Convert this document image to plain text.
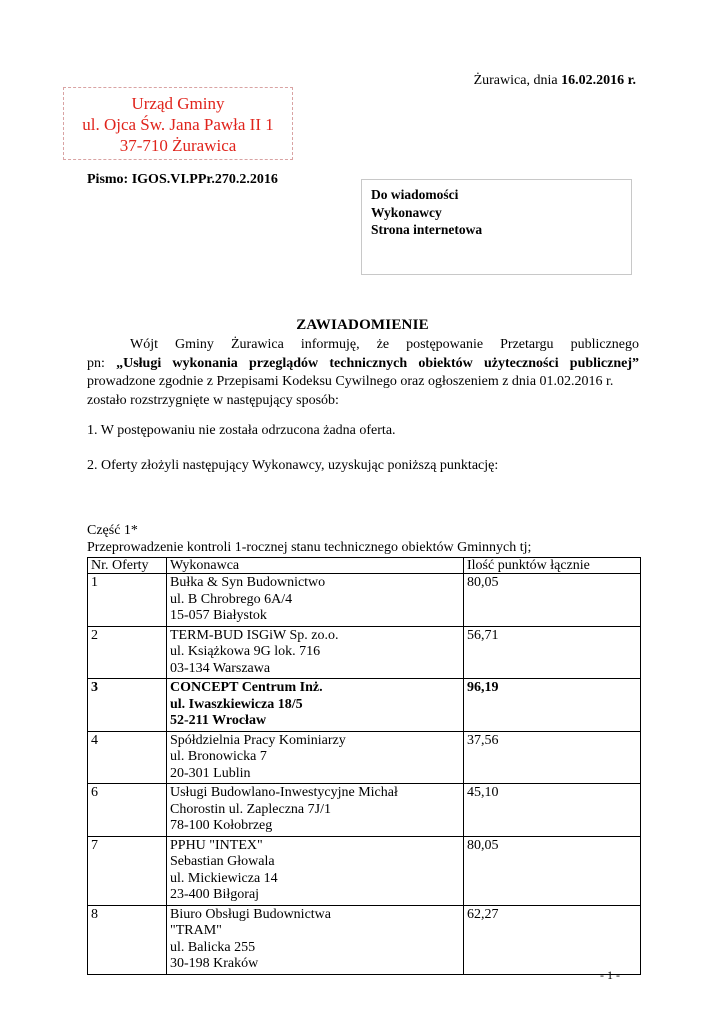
Żurawica, dnia 16.02.2016 r.
Urząd Gminy
ul. Ojca Św. Jana Pawła II 1
37-710 Żurawica
Pismo: IGOS.VI.PPr.270.2.2016
Do wiadomości
Wykonawcy
Strona internetowa
ZAWIADOMIENIE
Wójt Gminy Żurawica informuję, że postępowanie Przetargu publicznego
pn: „Usługi wykonania przeglądów technicznych obiektów użyteczności publicznej”
prowadzone zgodnie z Przepisami Kodeksu Cywilnego oraz ogłoszeniem z dnia 01.02.2016 r.
zostało rozstrzygnięte w następujący sposób:
1. W postępowaniu nie została odrzucona żadna oferta.
2. Oferty złożyli następujący Wykonawcy, uzyskując poniższą punktację:
Część 1*
Przeprowadzenie kontroli 1-rocznej stanu technicznego obiektów Gminnych tj;
Nr. Oferty	Wykonawca	Ilość punktów łącznie
1	Bułka & Syn Budownictwo
ul. B Chrobrego 6A/4
15-057 Białystok	80,05
2	TERM-BUD ISGiW Sp. zo.o.
ul. Książkowa 9G lok. 716
03-134 Warszawa	56,71
3	CONCEPT Centrum Inż.
ul. Iwaszkiewicza 18/5
52-211 Wrocław	96,19
4	Spółdzielnia Pracy Kominiarzy
ul. Bronowicka 7
20-301 Lublin	37,56
6	Usługi Budowlano-Inwestycyjne Michał
Chorostin ul. Zapleczna 7J/1
78-100 Kołobrzeg	45,10
7	PPHU "INTEX"
Sebastian Głowala
ul. Mickiewicza 14
23-400 Biłgoraj	80,05
8	Biuro Obsługi Budownictwa
"TRAM"
ul. Balicka 255
30-198 Kraków	62,27
- 1 -
